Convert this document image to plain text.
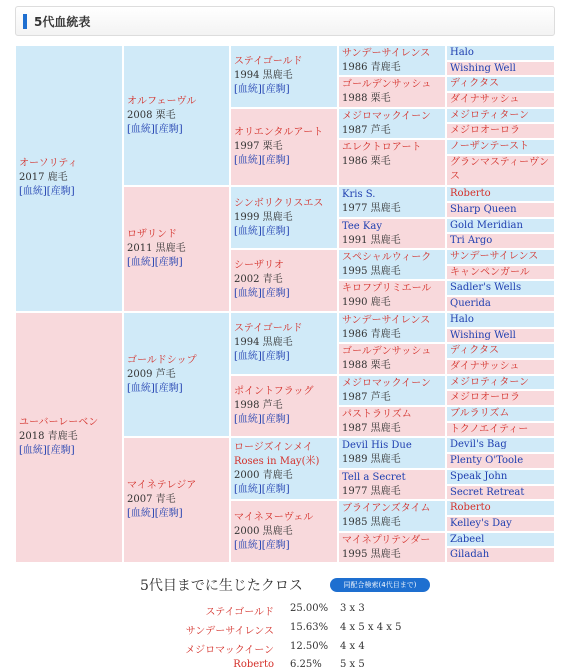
5代血統表
オーソリティ
2017 鹿毛
[血統][産駒]
ユーバーレーベン
2018 青鹿毛
[血統][産駒]
オルフェーヴル
2008 栗毛
[血統][産駒]
ロザリンド
2011 黒鹿毛
[血統][産駒]
ゴールドシップ
2009 芦毛
[血統][産駒]
マイネテレジア
2007 青毛
[血統][産駒]
ステイゴールド
1994 黒鹿毛
[血統][産駒]
オリエンタルアート
1997 栗毛
[血統][産駒]
シンボリクリスエス
1999 黒鹿毛
[血統][産駒]
シーザリオ
2002 青毛
[血統][産駒]
ステイゴールド
1994 黒鹿毛
[血統][産駒]
ポイントフラッグ
1998 芦毛
[血統][産駒]
ロージズインメイ
Roses in May(米)
2000 青鹿毛
[血統][産駒]
マイネヌーヴェル
2000 黒鹿毛
[血統][産駒]
サンデーサイレンス
1986 青鹿毛
ゴールデンサッシュ
1988 栗毛
メジロマックイーン
1987 芦毛
エレクトロアート
1986 栗毛
Kris S.
1977 黒鹿毛
Tee Kay
1991 黒鹿毛
スペシャルウィーク
1995 黒鹿毛
キロフプリミエール
1990 鹿毛
サンデーサイレンス
1986 青鹿毛
ゴールデンサッシュ
1988 栗毛
メジロマックイーン
1987 芦毛
パストラリズム
1987 黒鹿毛
Devil His Due
1989 黒鹿毛
Tell a Secret
1977 黒鹿毛
ブライアンズタイム
1985 黒鹿毛
マイネプリテンダー
1995 黒鹿毛
Halo
Wishing Well
ディクタス
ダイナサッシュ
メジロティターン
メジロオーロラ
ノーザンテースト
グランマスティーヴンス
Roberto
Sharp Queen
Gold Meridian
Tri Argo
サンデーサイレンス
キャンペンガール
Sadler's Wells
Querida
Halo
Wishing Well
ディクタス
ダイナサッシュ
メジロティターン
メジロオーロラ
ブルラリズム
トクノエイティー
Devil's Bag
Plenty O'Toole
Speak John
Secret Retreat
Roberto
Kelley's Day
Zabeel
Giladah
5代目までに生じたクロス	同配合検索(4代目まで)
ステイゴールド 25.00% 3 x 3
サンデーサイレンス 15.63% 4 x 5 x 4 x 5
メジロマックイーン 12.50% 4 x 4
Roberto 6.25% 5 x 5
